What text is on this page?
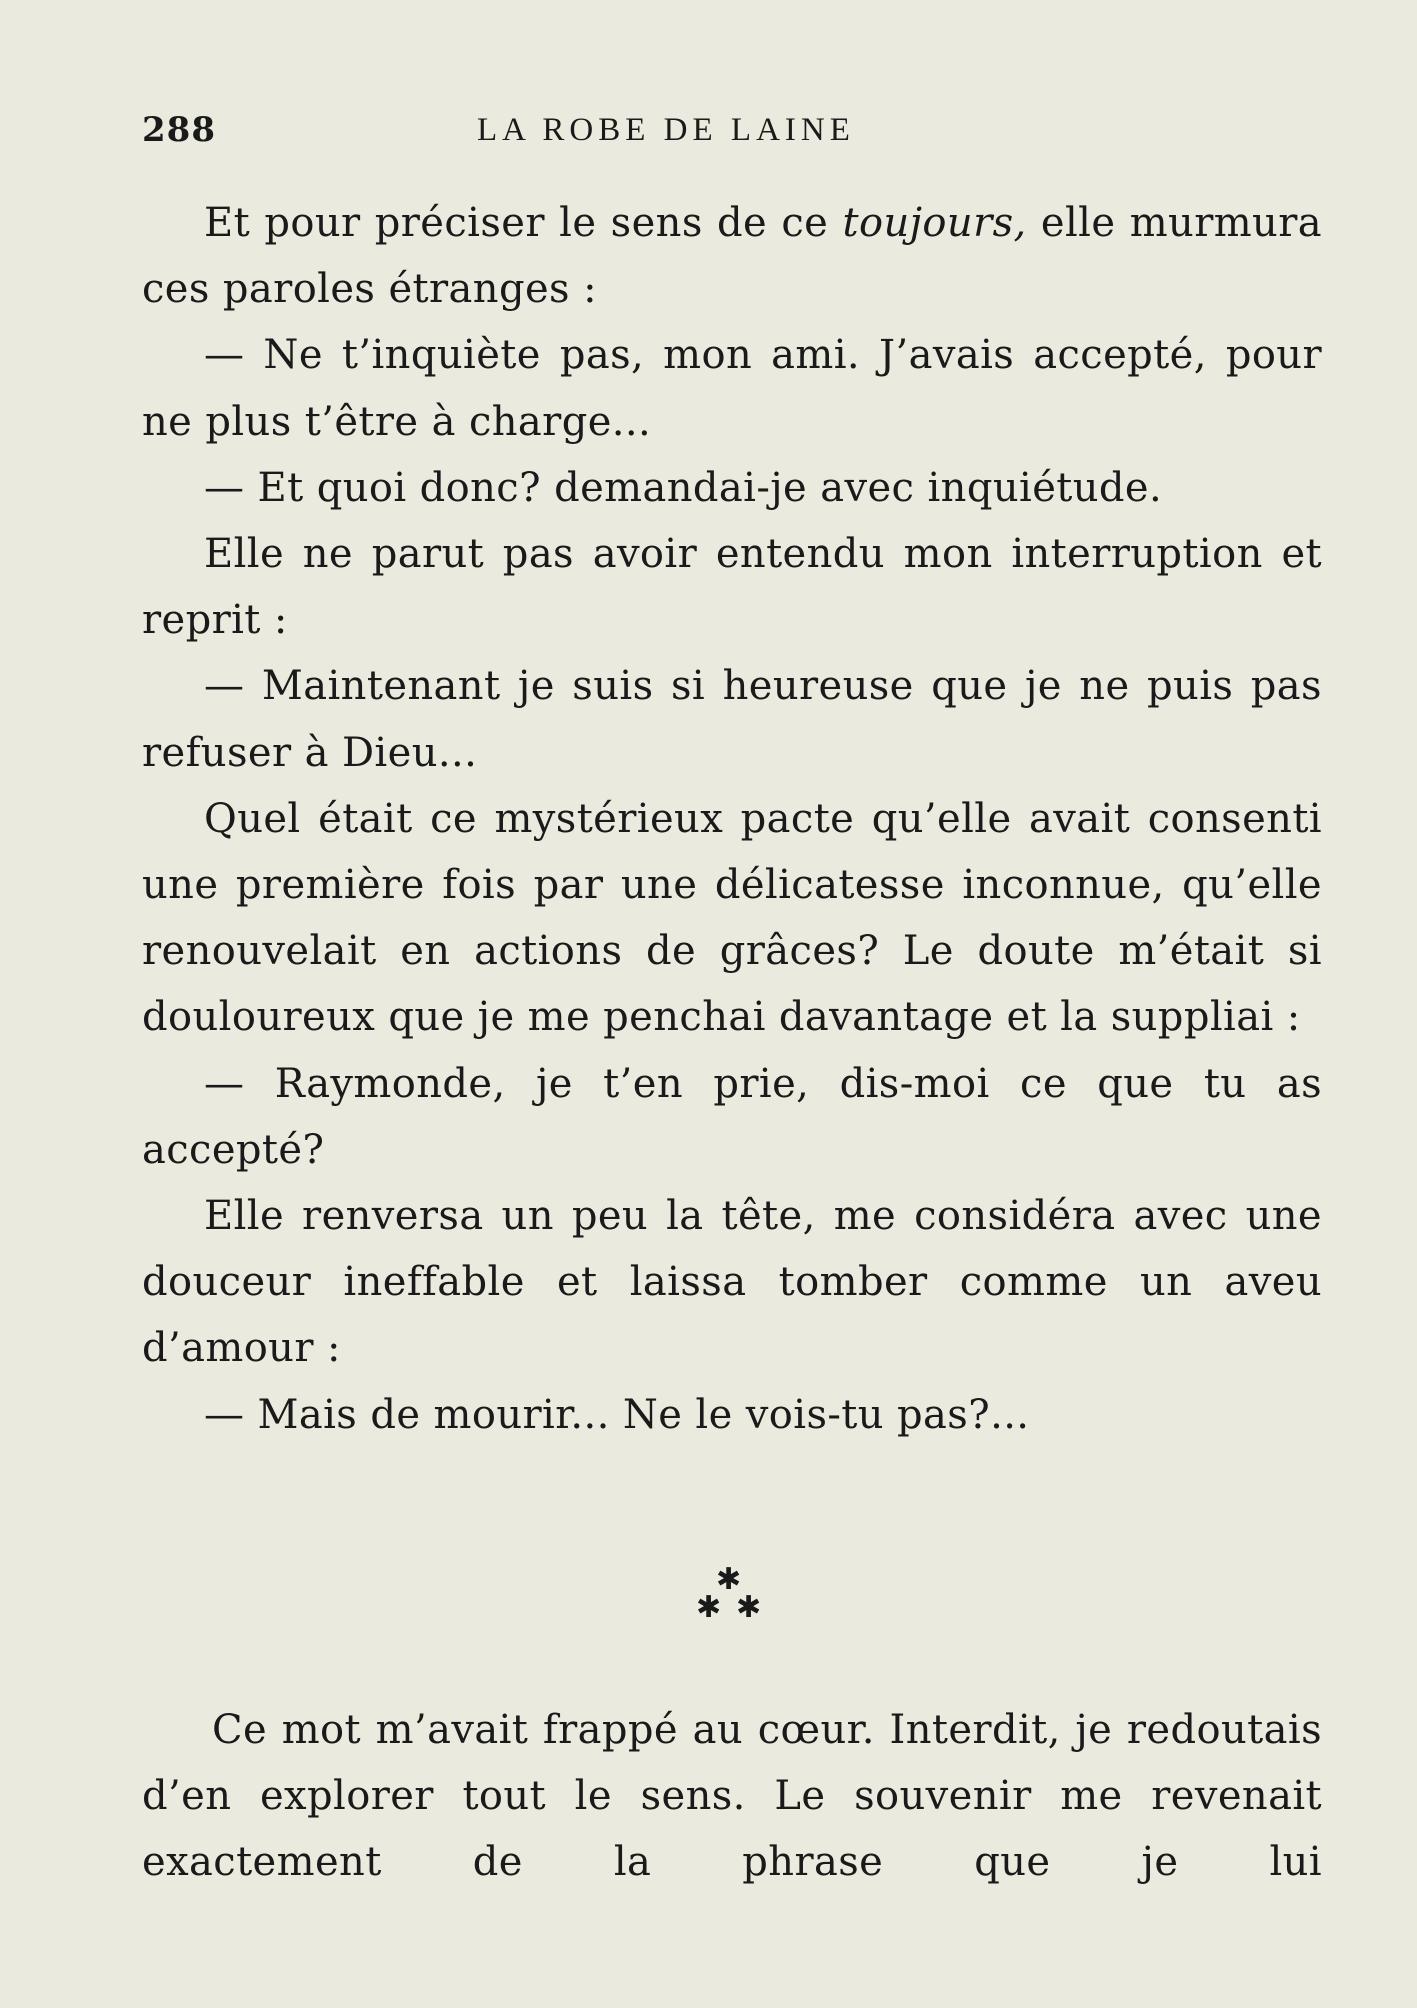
288	LA ROBE DE LAINE

Et pour préciser le sens de ce toujours, elle murmura ces paroles étranges :

— Ne t’inquiète pas, mon ami. J’avais accepté, pour ne plus t’être à charge...

— Et quoi donc? demandai-je avec inquiétude.

Elle ne parut pas avoir entendu mon interruption et reprit :

— Maintenant je suis si heureuse que je ne puis pas refuser à Dieu...

Quel était ce mystérieux pacte qu’elle avait consenti une première fois par une délicatesse inconnue, qu’elle renouvelait en actions de grâces? Le doute m’était si douloureux que je me penchai davantage et la suppliai :

— Raymonde, je t’en prie, dis-moi ce que tu as accepté?

Elle renversa un peu la tête, me considéra avec une douceur ineffable et laissa tomber comme un aveu d’amour :

— Mais de mourir... Ne le vois-tu pas?...

✱
✱ ✱

Ce mot m’avait frappé au cœur. Interdit, je redoutais d’en explorer tout le sens. Le souvenir me revenait exactement de la phrase que je lui
